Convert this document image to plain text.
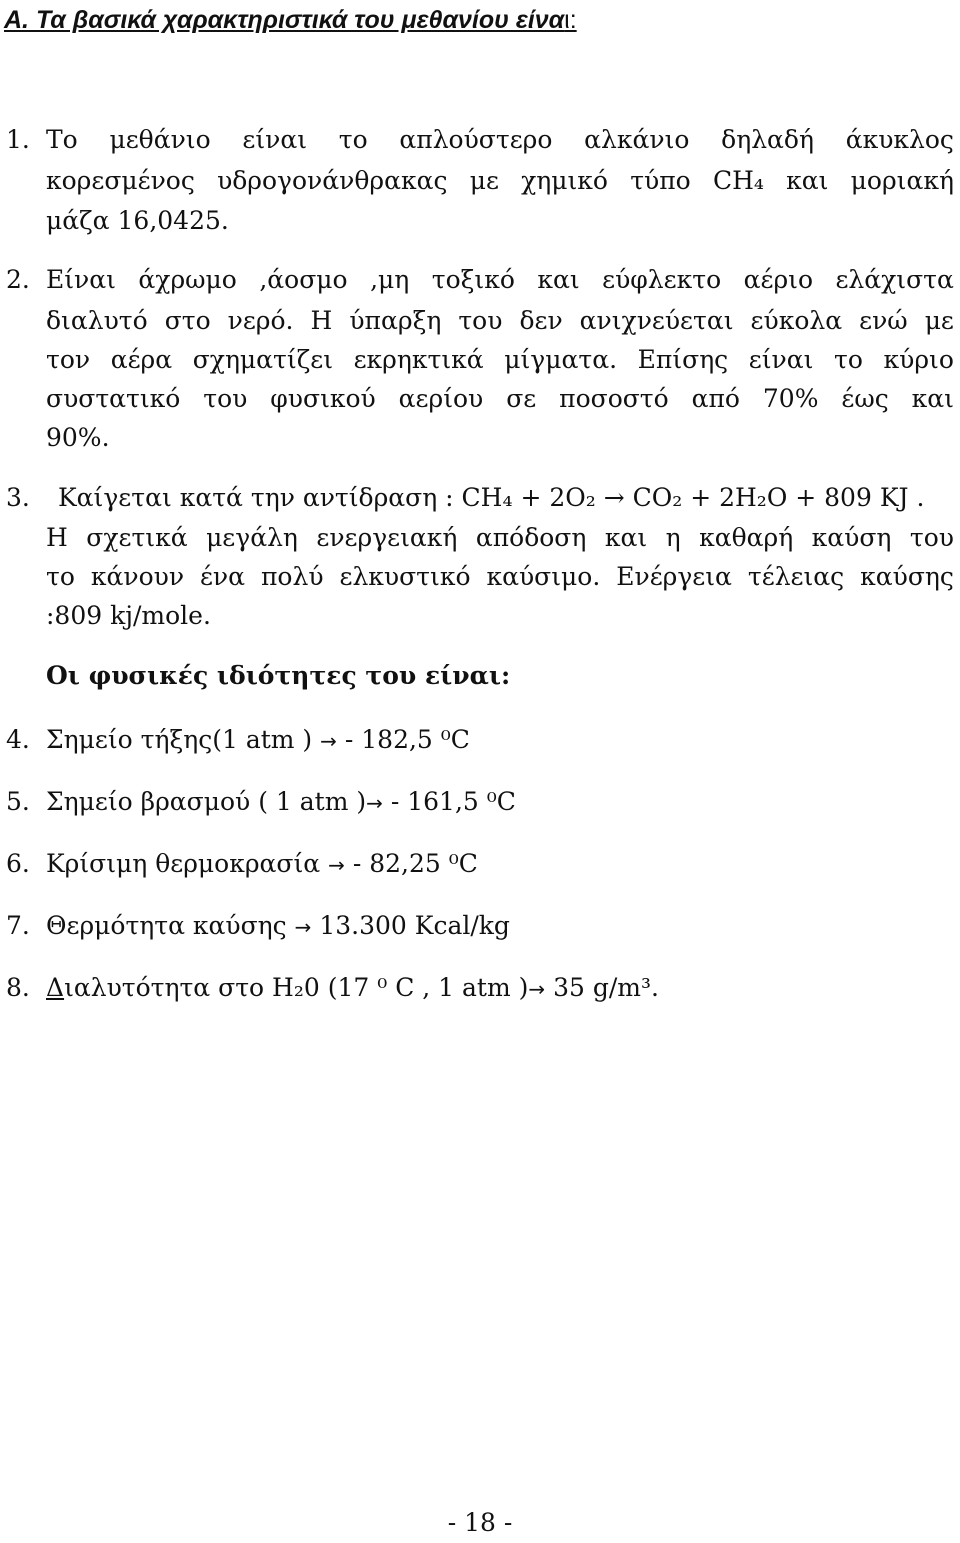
Α. Τα βασικά χαρακτηριστικά του μεθανίου είναι:
1. Το μεθάνιο είναι το απλούστερο αλκάνιο δηλαδή άκυκλος
κορεσμένος υδρογονάνθρακας με χημικό τύπο CH₄ και μοριακή
μάζα 16,0425.
2. Είναι άχρωμο ,άοσμο ,μη τοξικό και εύφλεκτο αέριο ελάχιστα
διαλυτό στο νερό. Η ύπαρξη του δεν ανιχνεύεται εύκολα ενώ με
τον αέρα σχηματίζει εκρηκτικά μίγματα. Επίσης είναι το κύριο
συστατικό του φυσικού αερίου σε ποσοστό από 70% έως και
90%.
3. Καίγεται κατά την αντίδραση : CH₄ + 2O₂ → CO₂ + 2H₂O + 809 ΚJ .
Η σχετικά μεγάλη ενεργειακή απόδοση και η καθαρή καύση του
το κάνουν ένα πολύ ελκυστικό καύσιμο. Ενέργεια τέλειας καύσης
:809 kj/mole.
Οι φυσικές ιδιότητες του είναι:
4. Σημείο τήξης(1 atm ) → - 182,5 ⁰C
5. Σημείο βρασμού ( 1 atm )→ - 161,5 ⁰C
6. Κρίσιμη θερμοκρασία → - 82,25 ⁰C
7. Θερμότητα καύσης → 13.300 Kcal/kg
8. Διαλυτότητα στο H₂0 (17 ⁰ C , 1 atm )→ 35 g/m³.
- 18 -
